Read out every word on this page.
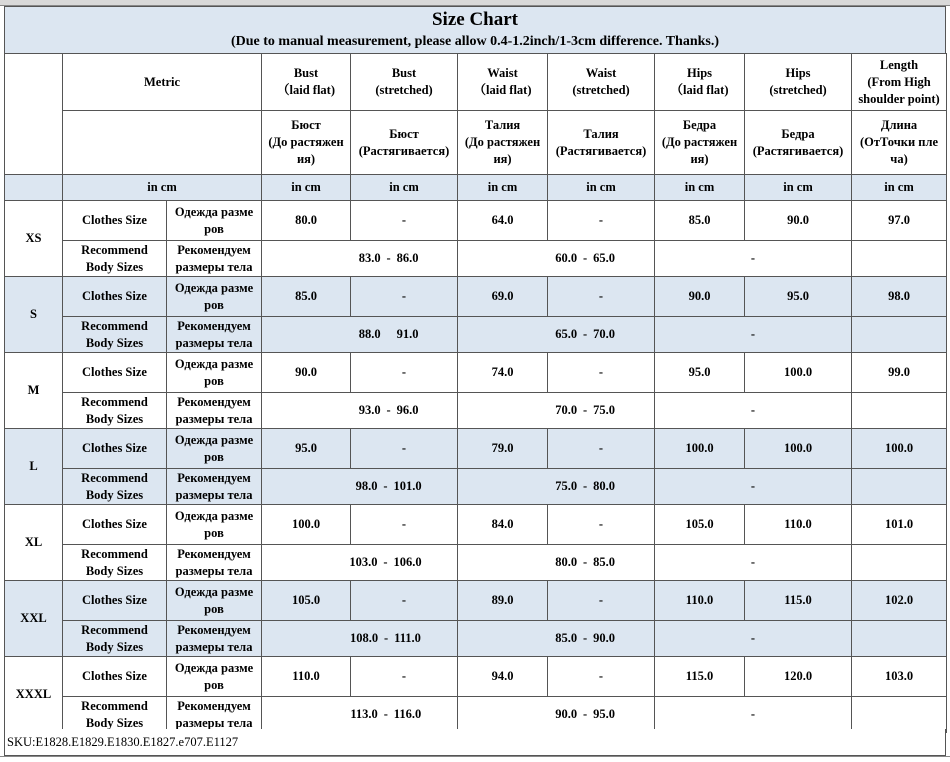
Size Chart
(Due to manual measurement, please allow 0.4-1.2inch/1-3cm difference. Thanks.)
	Metric		Bust
（laid flat)	Bust
(stretched)	Waist
（laid flat)	Waist
(stretched)	Hips
（laid flat)	Hips
(stretched)	Length
(From High
shoulder point)
			Бюст
(До растяжен
ия)	Бюст
(Растягивается)	Талия
(До растяжен
ия)	Талия
(Растягивается)	Бедра
(До растяжен
ия)	Бедра
(Растягивается)	Длина
(ОтТочки пле
ча)
	in cm		in cm	in cm	in cm	in cm	in cm	in cm	in cm
XS	Clothes Size	Одежда разме
ров	80.0	-	64.0	-	85.0	90.0	97.0
	Recommend
Body Sizes	Рекомендуем
размеры тела	83.0 - 86.0		60.0 - 65.0		-		
S	Clothes Size	Одежда разме
ров	85.0	-	69.0	-	90.0	95.0	98.0
	Recommend
Body Sizes	Рекомендуем
размеры тела	88.0 91.0		65.0 - 70.0		-		
M	Clothes Size	Одежда разме
ров	90.0	-	74.0	-	95.0	100.0	99.0
	Recommend
Body Sizes	Рекомендуем
размеры тела	93.0 - 96.0		70.0 - 75.0		-		
L	Clothes Size	Одежда разме
ров	95.0	-	79.0	-	100.0	100.0	100.0
	Recommend
Body Sizes	Рекомендуем
размеры тела	98.0 - 101.0		75.0 - 80.0		-		
XL	Clothes Size	Одежда разме
ров	100.0	-	84.0	-	105.0	110.0	101.0
	Recommend
Body Sizes	Рекомендуем
размеры тела	103.0 - 106.0		80.0 - 85.0		-		
XXL	Clothes Size	Одежда разме
ров	105.0	-	89.0	-	110.0	115.0	102.0
	Recommend
Body Sizes	Рекомендуем
размеры тела	108.0 - 111.0		85.0 - 90.0		-		
XXXL	Clothes Size	Одежда разме
ров	110.0	-	94.0	-	115.0	120.0	103.0
	Recommend
Body Sizes	Рекомендуем
размеры тела	113.0 - 116.0		90.0 - 95.0		-		
SKU:E1828.E1829.E1830.E1827.e707.E1127
